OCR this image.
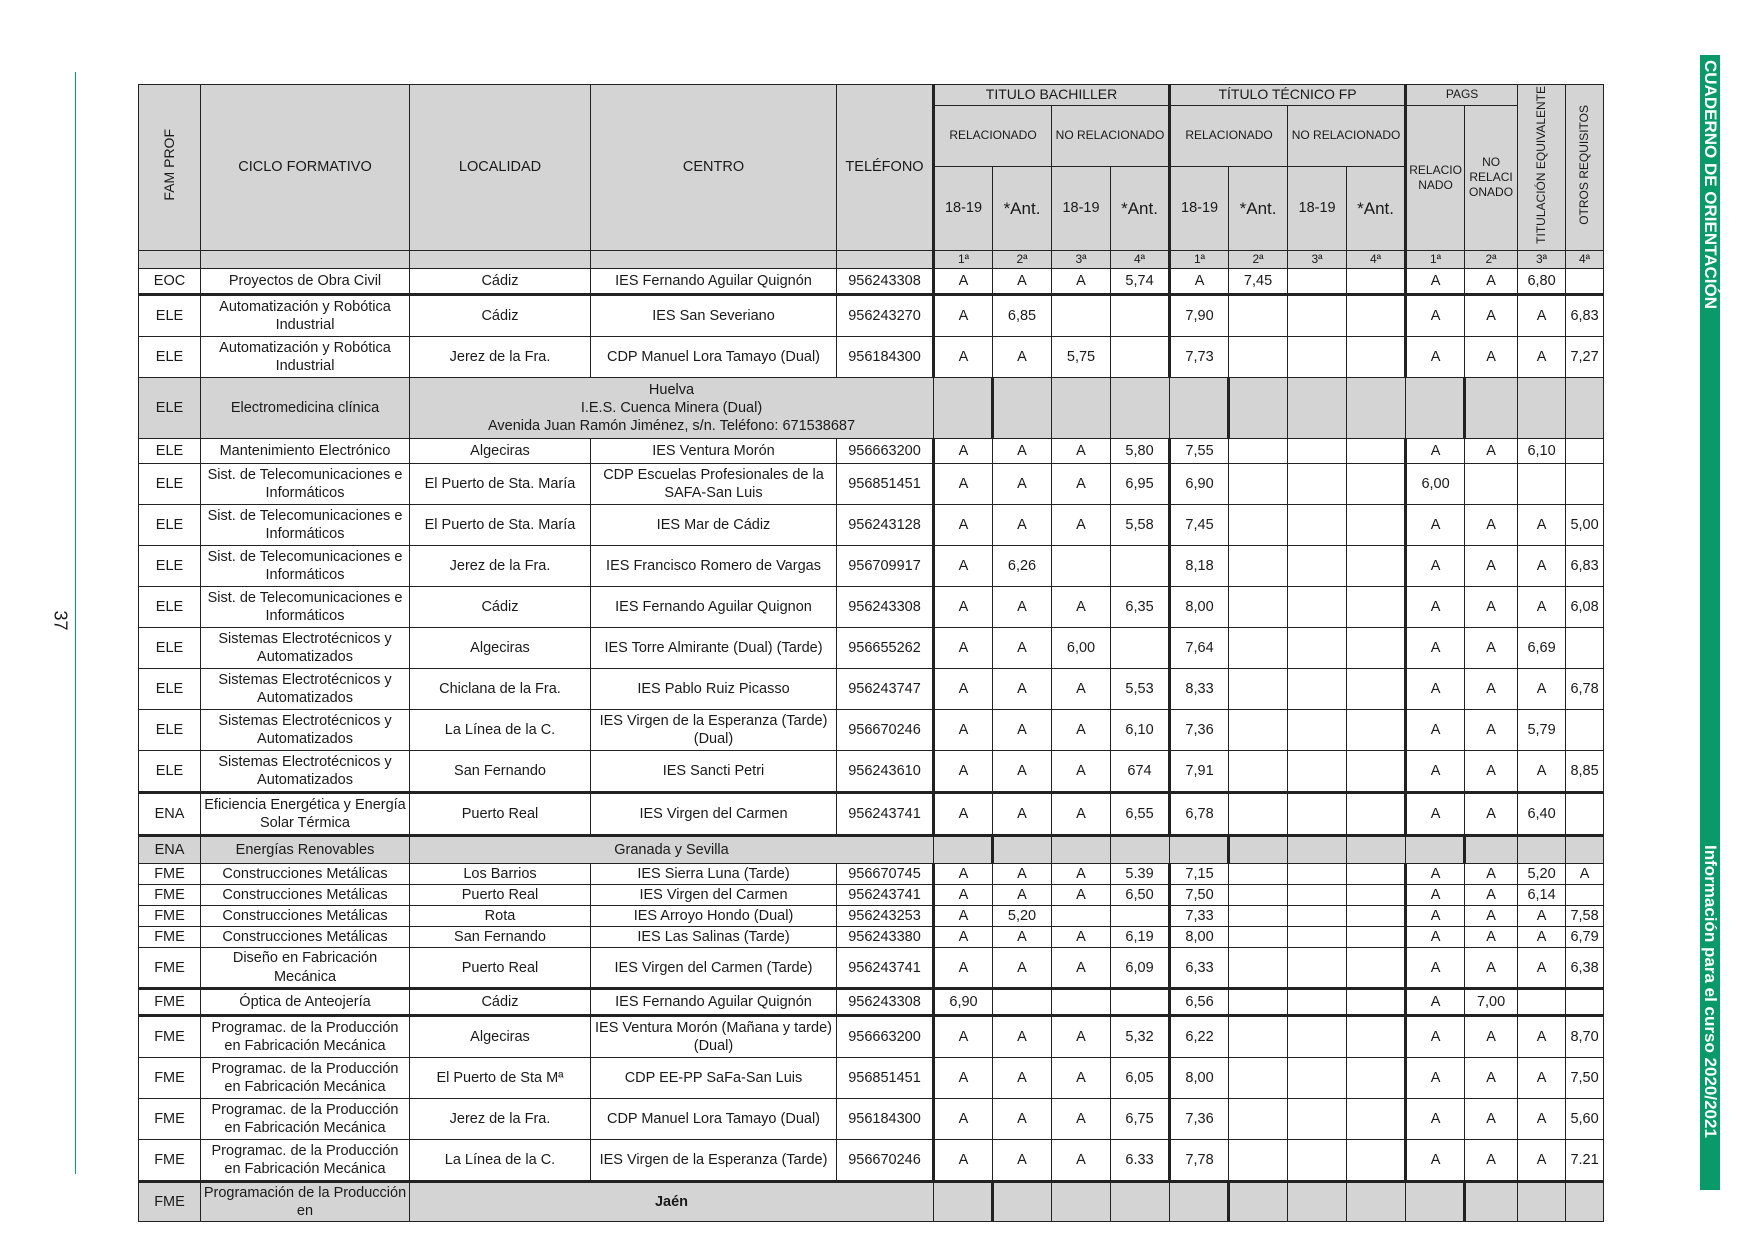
37
CUADERNO DE ORIENTACIÓN
Información para el curso 2020/2021
FAM PROF	CICLO FORMATIVO	LOCALIDAD	CENTRO	TELÉFONO	TITULO BACHILLER				TÍTULO TÉCNICO FP				PAGS		TITULACIÓN EQUIVALENTE	OTROS REQUISITOS	
					RELACIONADO		NO RELACIONADO		RELACIONADO		NO RELACIONADO		RELACIO NADO	NO RELACI ONADO			
					18-19	*Ant.	18-19	*Ant.	18-19	*Ant.	18-19	*Ant.					
					1ª	2ª	3ª	4ª	1ª	2ª	3ª	4ª	1ª	2ª	3ª	4ª	
EOC	Proyectos de Obra Civil	Cádiz	IES Fernando Aguilar Quignón	956243308	A	A	A	5,74	A	7,45			A	A	6,80		
ELE	Automatización y Robótica Industrial	Cádiz	IES San Severiano	956243270	A	6,85			7,90				A	A	A	6,83	
ELE	Automatización y Robótica Industrial	Jerez de la Fra.	CDP Manuel Lora Tamayo (Dual)	956184300	A	A	5,75		7,73				A	A	A	7,27	
ELE	Electromedicina clínica	Huelva
I.E.S. Cuenca Minera (Dual)
Avenida Juan Ramón Jiménez, s/n. Teléfono: 671538687															

ELE	Mantenimiento Electrónico	Algeciras	IES Ventura Morón	956663200	A	A	A	5,80	7,55				A	A	6,10		
ELE	Sist. de Telecomunicaciones e Informáticos	El Puerto de Sta. María	CDP Escuelas Profesionales de la SAFA-San Luis	956851451	A	A	A	6,95	6,90				6,00				
ELE	Sist. de Telecomunicaciones e Informáticos	El Puerto de Sta. María	IES Mar de Cádiz	956243128	A	A	A	5,58	7,45				A	A	A	5,00	
ELE	Sist. de Telecomunicaciones e Informáticos	Jerez de la Fra.	IES Francisco Romero de Vargas	956709917	A	6,26			8,18				A	A	A	6,83	
ELE	Sist. de Telecomunicaciones e Informáticos	Cádiz	IES Fernando Aguilar Quignon	956243308	A	A	A	6,35	8,00				A	A	A	6,08	
ELE	Sistemas Electrotécnicos y Automatizados	Algeciras	IES Torre Almirante (Dual) (Tarde)	956655262	A	A	6,00		7,64				A	A	6,69		
ELE	Sistemas Electrotécnicos y Automatizados	Chiclana de la Fra.	IES Pablo Ruiz Picasso	956243747	A	A	A	5,53	8,33				A	A	A	6,78	
ELE	Sistemas Electrotécnicos y Automatizados	La Línea de la C.	IES Virgen de la Esperanza (Tarde) (Dual)	956670246	A	A	A	6,10	7,36				A	A	5,79		
ELE	Sistemas Electrotécnicos y Automatizados	San Fernando	IES Sancti Petri	956243610	A	A	A	674	7,91				A	A	A	8,85	
ENA	Eficiencia Energética y Energía Solar Térmica	Puerto Real	IES Virgen del Carmen	956243741	A	A	A	6,55	6,78				A	A	6,40		
ENA	Energías Renovables	Granada y Sevilla															

FME	Construcciones Metálicas	Los Barrios	IES Sierra Luna (Tarde)	956670745	A	A	A	5.39	7,15				A	A	5,20	A	
FME	Construcciones Metálicas	Puerto Real	IES Virgen del Carmen	956243741	A	A	A	6,50	7,50				A	A	6,14		
FME	Construcciones Metálicas	Rota	IES Arroyo Hondo (Dual)	956243253	A	5,20			7,33				A	A	A	7,58	
FME	Construcciones Metálicas	San Fernando	IES Las Salinas (Tarde)	956243380	A	A	A	6,19	8,00				A	A	A	6,79	
FME	Diseño en Fabricación Mecánica	Puerto Real	IES Virgen del Carmen (Tarde)	956243741	A	A	A	6,09	6,33				A	A	A	6,38	
FME	Óptica de Anteojería	Cádiz	IES Fernando Aguilar Quignón	956243308	6,90				6,56				A	7,00			
FME	Programac. de la Producción en Fabricación Mecánica	Algeciras	IES Ventura Morón (Mañana y tarde) (Dual)	956663200	A	A	A	5,32	6,22				A	A	A	8,70	
FME	Programac. de la Producción en Fabricación Mecánica	El Puerto de Sta Mª	CDP EE-PP SaFa-San Luis	956851451	A	A	A	6,05	8,00				A	A	A	7,50	
FME	Programac. de la Producción en Fabricación Mecánica	Jerez de la Fra.	CDP Manuel Lora Tamayo (Dual)	956184300	A	A	A	6,75	7,36				A	A	A	5,60	
FME	Programac. de la Producción en Fabricación Mecánica	La Línea de la C.	IES Virgen de la Esperanza (Tarde)	956670246	A	A	A	6.33	7,78				A	A	A	7.21	
FME	Programación de la Producción en	Jaén															
